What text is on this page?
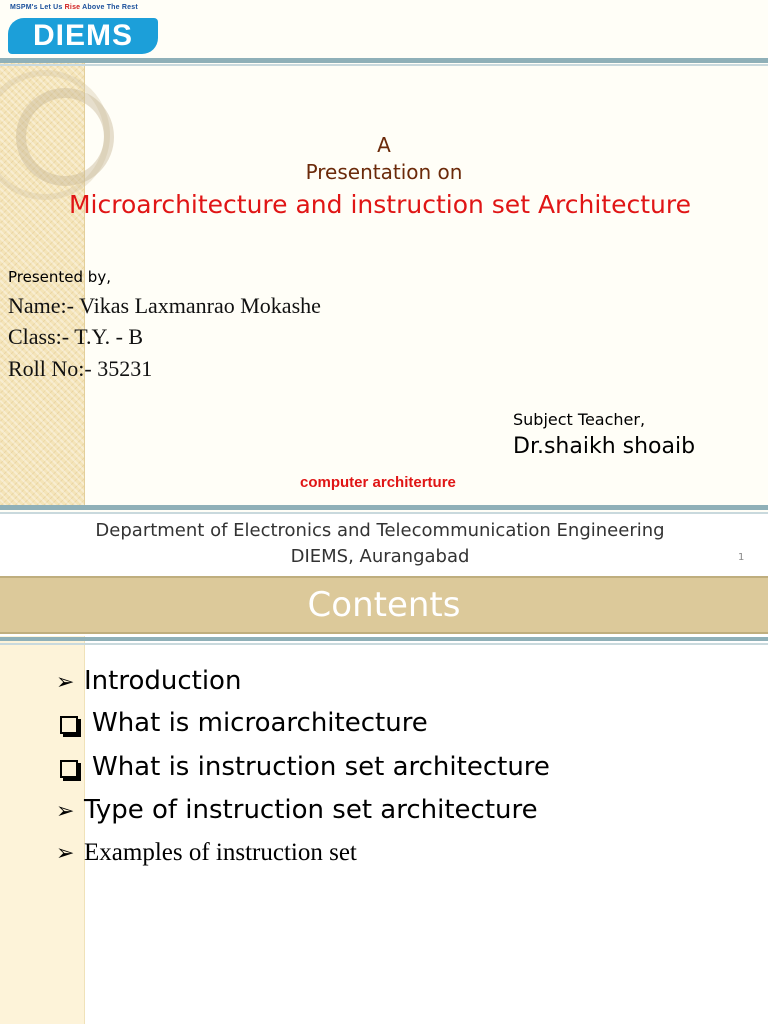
MSPM's Let Us Rise Above The Rest
DIEMS
A
Presentation on
Microarchitecture and instruction set Architecture
Presented by,
Name:- Vikas Laxmanrao Mokashe
Class:- T.Y. - B
Roll No:- 35231
Subject Teacher,
Dr.shaikh shoaib
computer architerture
Department of Electronics and Telecommunication Engineering
DIEMS, Aurangabad	1
Contents
➢ Introduction
What is microarchitecture
What is instruction set architecture
➢ Type of instruction set architecture
➢ Examples of instruction set
